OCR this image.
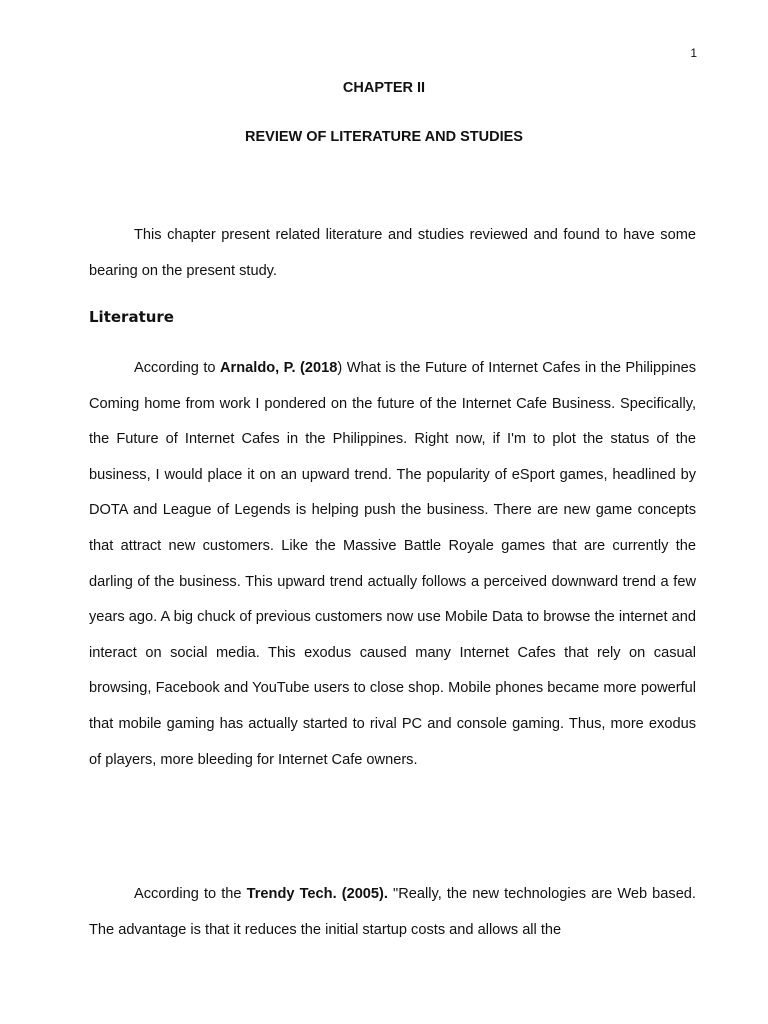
1
CHAPTER II
REVIEW OF LITERATURE AND STUDIES

This chapter present related literature and studies reviewed and found to have some bearing on the present study.

Literature

According to Arnaldo, P. (2018) What is the Future of Internet Cafes in the Philippines Coming home from work I pondered on the future of the Internet Cafe Business. Specifically, the Future of Internet Cafes in the Philippines. Right now, if I'm to plot the status of the business, I would place it on an upward trend. The popularity of eSport games, headlined by DOTA and League of Legends is helping push the business. There are new game concepts that attract new customers. Like the Massive Battle Royale games that are currently the darling of the business. This upward trend actually follows a perceived downward trend a few years ago. A big chuck of previous customers now use Mobile Data to browse the internet and interact on social media. This exodus caused many Internet Cafes that rely on casual browsing, Facebook and YouTube users to close shop. Mobile phones became more powerful that mobile gaming has actually started to rival PC and console gaming. Thus, more exodus of players, more bleeding for Internet Cafe owners.

According to the Trendy Tech. (2005). "Really, the new technologies are Web based. The advantage is that it reduces the initial startup costs and allows all the
